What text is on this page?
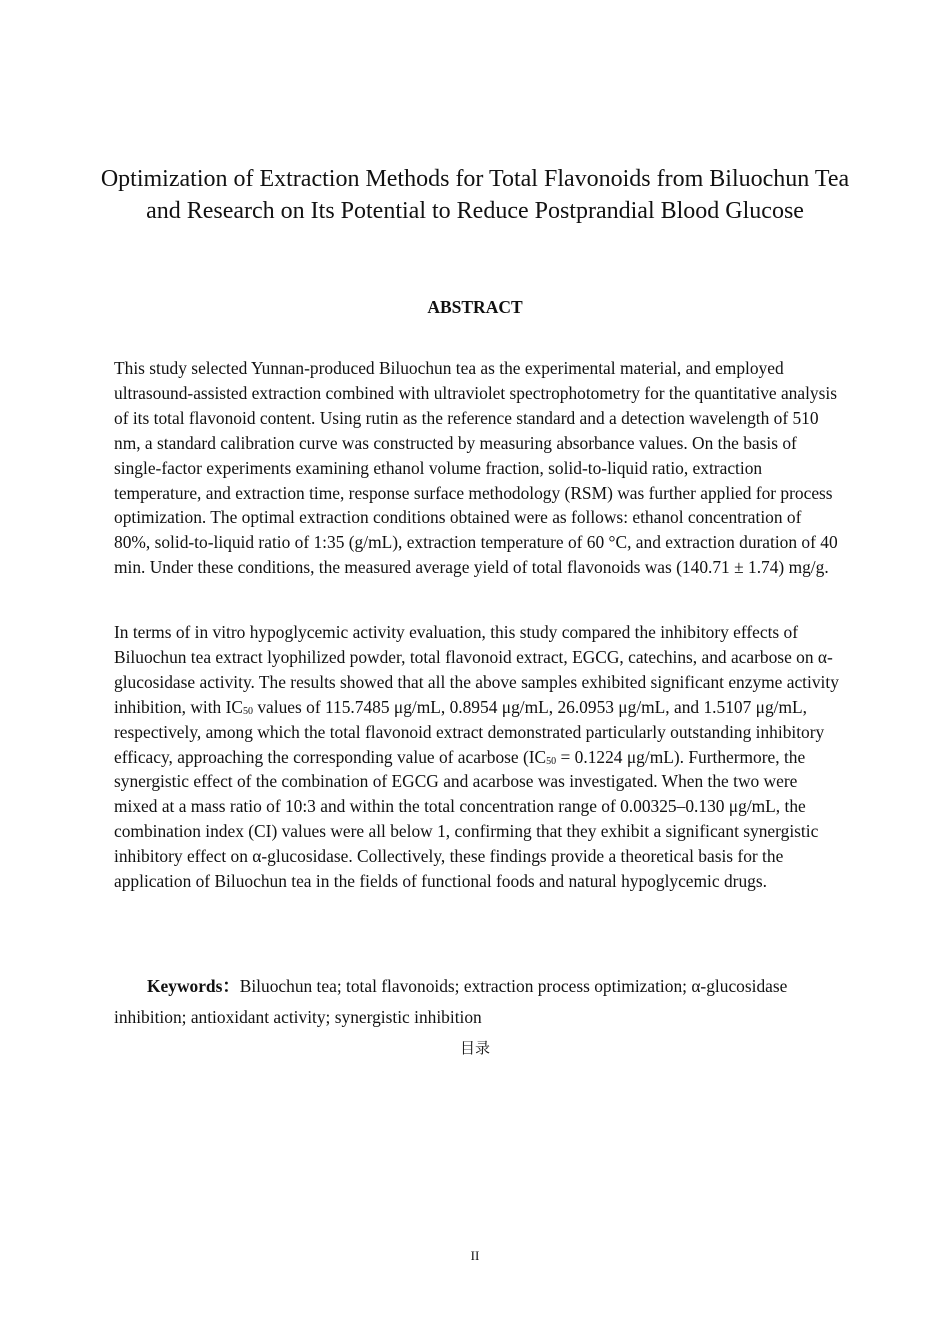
Optimization of Extraction Methods for Total Flavonoids from Biluochun Tea and Research on Its Potential to Reduce Postprandial Blood Glucose
ABSTRACT

This study selected Yunnan-produced Biluochun tea as the experimental material, and employed ultrasound-assisted extraction combined with ultraviolet spectrophotometry for the quantitative analysis of its total flavonoid content. Using rutin as the reference standard and a detection wavelength of 510 nm, a standard calibration curve was constructed by measuring absorbance values. On the basis of single-factor experiments examining ethanol volume fraction, solid-to-liquid ratio, extraction temperature, and extraction time, response surface methodology (RSM) was further applied for process optimization. The optimal extraction conditions obtained were as follows: ethanol concentration of 80%, solid-to-liquid ratio of 1:35 (g/mL), extraction temperature of 60 °C, and extraction duration of 40 min. Under these conditions, the measured average yield of total flavonoids was (140.71 ± 1.74) mg/g.

In terms of in vitro hypoglycemic activity evaluation, this study compared the inhibitory effects of Biluochun tea extract lyophilized powder, total flavonoid extract, EGCG, catechins, and acarbose on α-glucosidase activity. The results showed that all the above samples exhibited significant enzyme activity inhibition, with IC50 values of 115.7485 μg/mL, 0.8954 μg/mL, 26.0953 μg/mL, and 1.5107 μg/mL, respectively, among which the total flavonoid extract demonstrated particularly outstanding inhibitory efficacy, approaching the corresponding value of acarbose (IC50 = 0.1224 μg/mL). Furthermore, the synergistic effect of the combination of EGCG and acarbose was investigated. When the two were mixed at a mass ratio of 10:3 and within the total concentration range of 0.00325–0.130 μg/mL, the combination index (CI) values were all below 1, confirming that they exhibit a significant synergistic inhibitory effect on α-glucosidase. Collectively, these findings provide a theoretical basis for the application of Biluochun tea in the fields of functional foods and natural hypoglycemic drugs.

Keywords：Biluochun tea; total flavonoids; extraction process optimization; α-glucosidase inhibition; antioxidant activity; synergistic inhibition

目录
II
